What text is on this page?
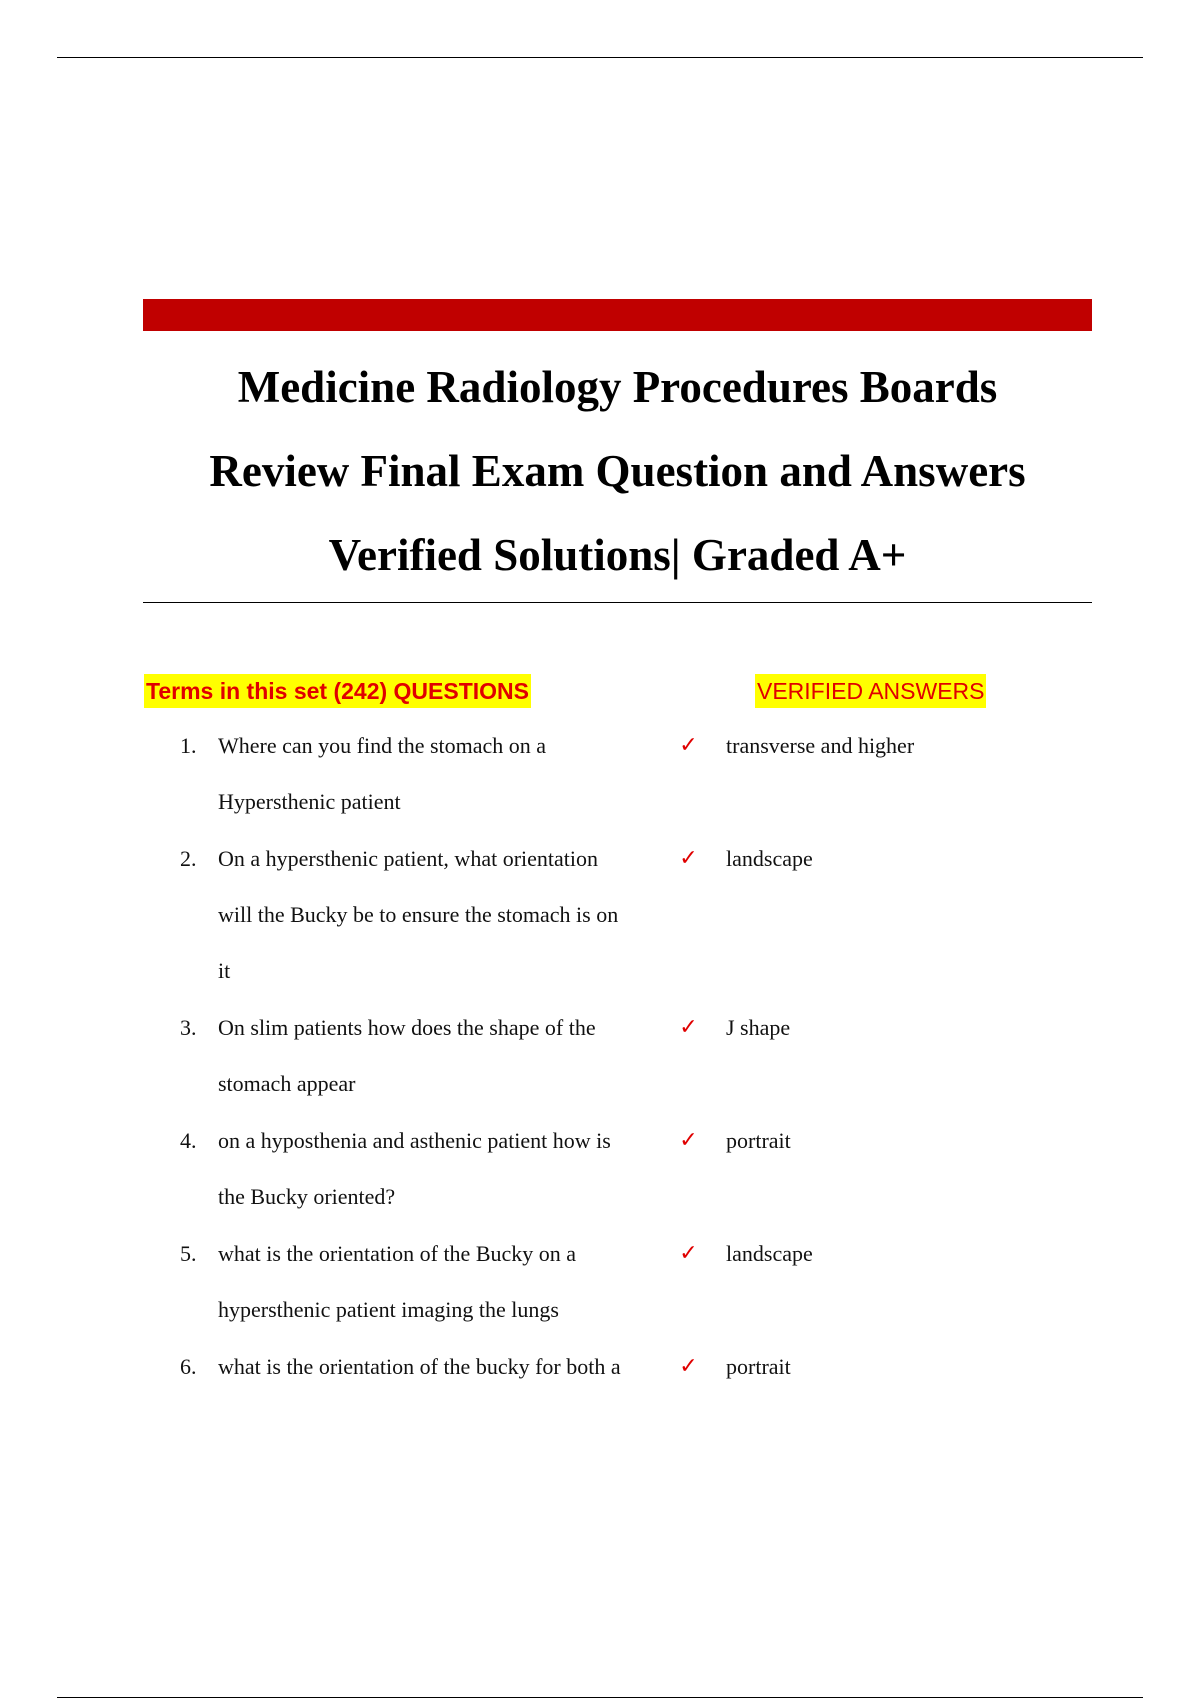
Medicine Radiology Procedures Boards
Review Final Exam Question and Answers
Verified Solutions| Graded A+
Terms in this set (242) QUESTIONS	VERIFIED ANSWERS
1. Where can you find the stomach on a
Hypersthenic patient
✓	transverse and higher
2. On a hypersthenic patient, what orientation
will the Bucky be to ensure the stomach is on
it
✓	landscape
3. On slim patients how does the shape of the
stomach appear
✓	J shape
4. on a hyposthenia and asthenic patient how is
the Bucky oriented?
✓	portrait
5. what is the orientation of the Bucky on a
hypersthenic patient imaging the lungs
✓	landscape
6. what is the orientation of the bucky for both a	✓	portrait
